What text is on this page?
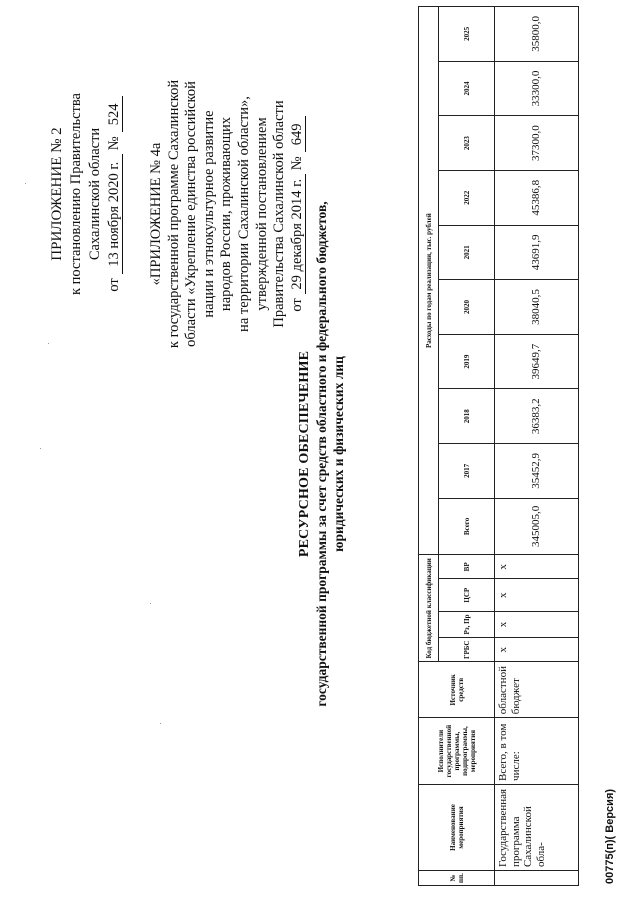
ПРИЛОЖЕНИЕ № 2 к постановлению Правительства Сахалинской области
от
13 ноября 2020 г.
№
524
«ПРИЛОЖЕНИЕ № 4а к государственной программе Сахалинской области «Укрепление единства российской нации и этнокультурное развитие народов России, проживающих на территории Сахалинской области», утвержденной постановлением Правительства Сахалинской области от
29 декабря 2014 г.
№
649
РЕСУРСНОЕ ОБЕСПЕЧЕНИЕ государственной программы за счет средств областного и федерального бюджетов, юридических и физических лиц
№ пп.	Наименование мероприятия	Исполнители государственной программы, подпрограммы, мероприятия	Источник средств	Код бюджетной классификации				Расходы по годам реализации, тыс. рублей									
				ГРБС	Рз, Пр	ЦСР	ВР	Всего	2017	2018	2019	2020	2021	2022	2023	2024	2025
	Государственная программа Сахалинской обла-	Всего, в том числе:	областной бюджет	х	х	х	х	345005,0	35452,9	36383,2	39649,7	38040,5	43691,9	45386,8	37300,0	33300,0	35800,0
00775(п)( Версия)
